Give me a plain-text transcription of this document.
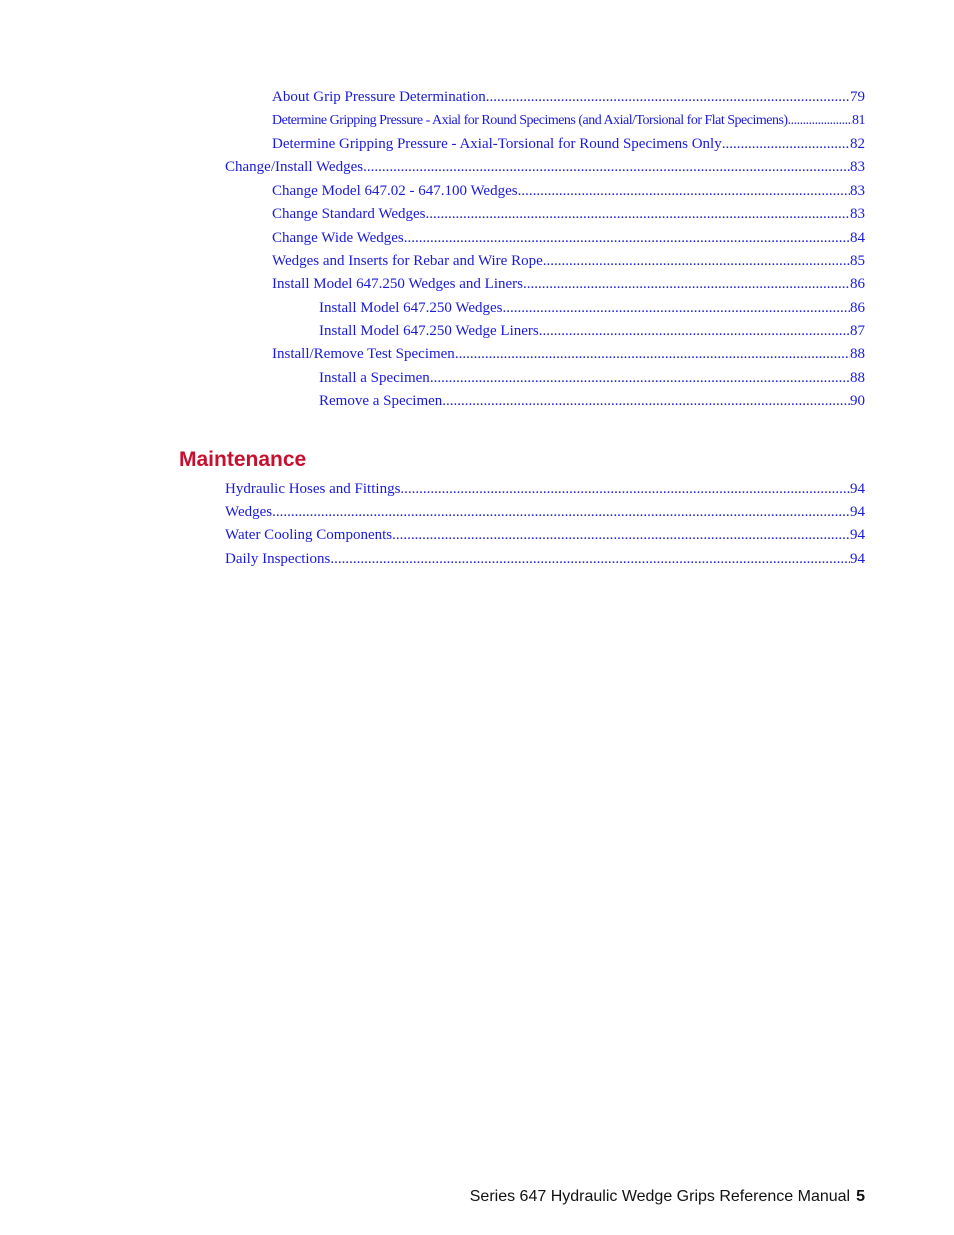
About Grip Pressure Determination .....	79
Determine Gripping Pressure - Axial for Round Specimens (and Axial/Torsional for Flat Specimens) .....	81
Determine Gripping Pressure - Axial-Torsional for Round Specimens Only .....	82
Change/Install Wedges .....	83
Change Model 647.02 - 647.100 Wedges .....	83
Change Standard Wedges .....	83
Change Wide Wedges .....	84
Wedges and Inserts for Rebar and Wire Rope .....	85
Install Model 647.250 Wedges and Liners .....	86
Install Model 647.250 Wedges .....	86
Install Model 647.250 Wedge Liners .....	87
Install/Remove Test Specimen .....	88
Install a Specimen .....	88
Remove a Specimen .....	90
Maintenance
Hydraulic Hoses and Fittings .....	94
Wedges .....	94
Water Cooling Components .....	94
Daily Inspections .....	94
Series 647 Hydraulic Wedge Grips Reference Manual 5
